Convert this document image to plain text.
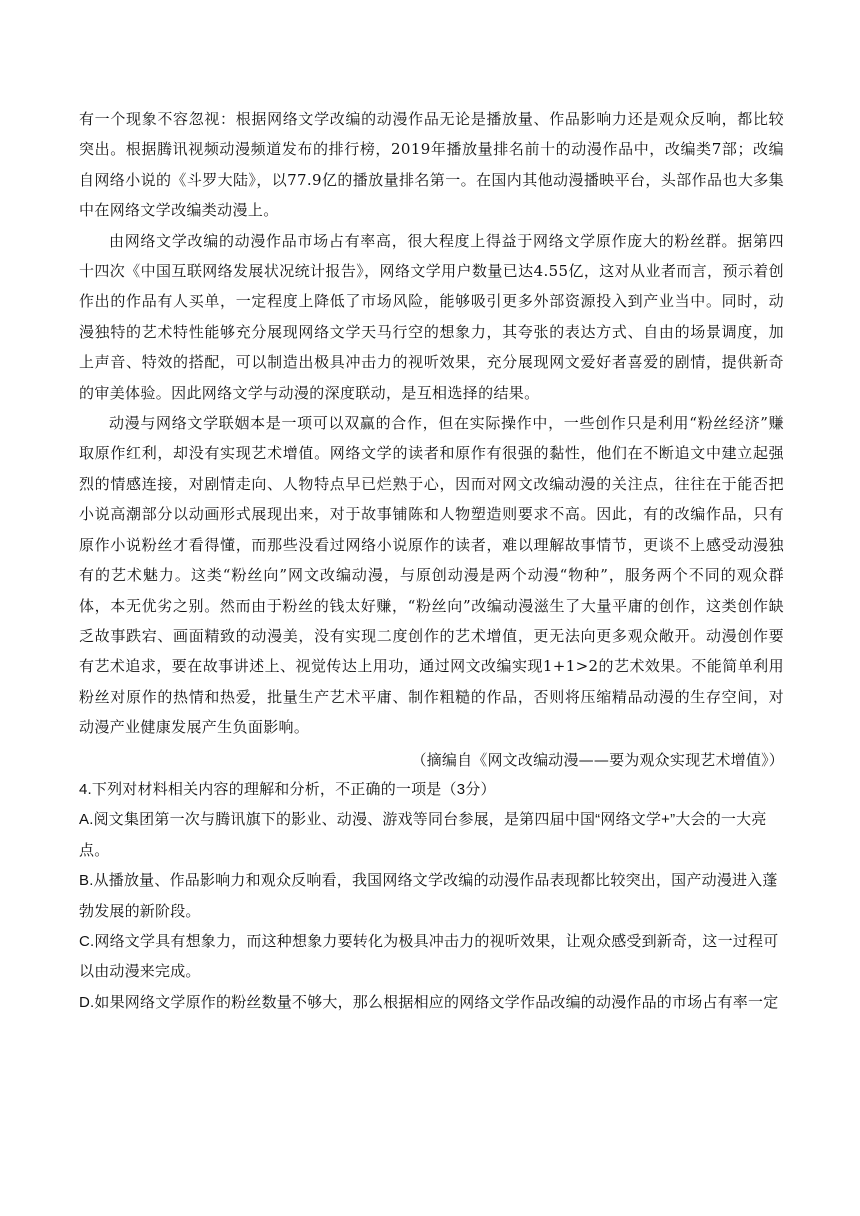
有一个现象不容忽视：根据网络文学改编的动漫作品无论是播放量、作品影响力还是观众反响，都比较突出。根据腾讯视频动漫频道发布的排行榜，2019年播放量排名前十的动漫作品中，改编类7部；改编自网络小说的《斗罗大陆》，以77.9亿的播放量排名第一。在国内其他动漫播映平台，头部作品也大多集中在网络文学改编类动漫上。

由网络文学改编的动漫作品市场占有率高，很大程度上得益于网络文学原作庞大的粉丝群。据第四十四次《中国互联网络发展状况统计报告》，网络文学用户数量已达4.55亿，这对从业者而言，预示着创作出的作品有人买单，一定程度上降低了市场风险，能够吸引更多外部资源投入到产业当中。同时，动漫独特的艺术特性能够充分展现网络文学天马行空的想象力，其夸张的表达方式、自由的场景调度，加上声音、特效的搭配，可以制造出极具冲击力的视听效果，充分展现网文爱好者喜爱的剧情，提供新奇的审美体验。因此网络文学与动漫的深度联动，是互相选择的结果。

动漫与网络文学联姻本是一项可以双赢的合作，但在实际操作中，一些创作只是利用“粉丝经济”赚取原作红利，却没有实现艺术增值。网络文学的读者和原作有很强的黏性，他们在不断追文中建立起强烈的情感连接，对剧情走向、人物特点早已烂熟于心，因而对网文改编动漫的关注点，往往在于能否把小说高潮部分以动画形式展现出来，对于故事铺陈和人物塑造则要求不高。因此，有的改编作品，只有原作小说粉丝才看得懂，而那些没看过网络小说原作的读者，难以理解故事情节，更谈不上感受动漫独有的艺术魅力。这类“粉丝向”网文改编动漫，与原创动漫是两个动漫“物种”，服务两个不同的观众群体，本无优劣之别。然而由于粉丝的钱太好赚，“粉丝向”改编动漫滋生了大量平庸的创作，这类创作缺乏故事跌宕、画面精致的动漫美，没有实现二度创作的艺术增值，更无法向更多观众敞开。动漫创作要有艺术追求，要在故事讲述上、视觉传达上用功，通过网文改编实现1+1>2的艺术效果。不能简单利用粉丝对原作的热情和热爱，批量生产艺术平庸、制作粗糙的作品，否则将压缩精品动漫的生存空间，对动漫产业健康发展产生负面影响。

（摘编自《网文改编动漫——要为观众实现艺术增值》）

4.下列对材料相关内容的理解和分析，不正确的一项是（3分）

A.阅文集团第一次与腾讯旗下的影业、动漫、游戏等同台参展，是第四届中国“网络文学+”大会的一大亮点。

B.从播放量、作品影响力和观众反响看，我国网络文学改编的动漫作品表现都比较突出，国产动漫进入蓬勃发展的新阶段。

C.网络文学具有想象力，而这种想象力要转化为极具冲击力的视听效果，让观众感受到新奇，这一过程可以由动漫来完成。

D.如果网络文学原作的粉丝数量不够大，那么根据相应的网络文学作品改编的动漫作品的市场占有率一定
